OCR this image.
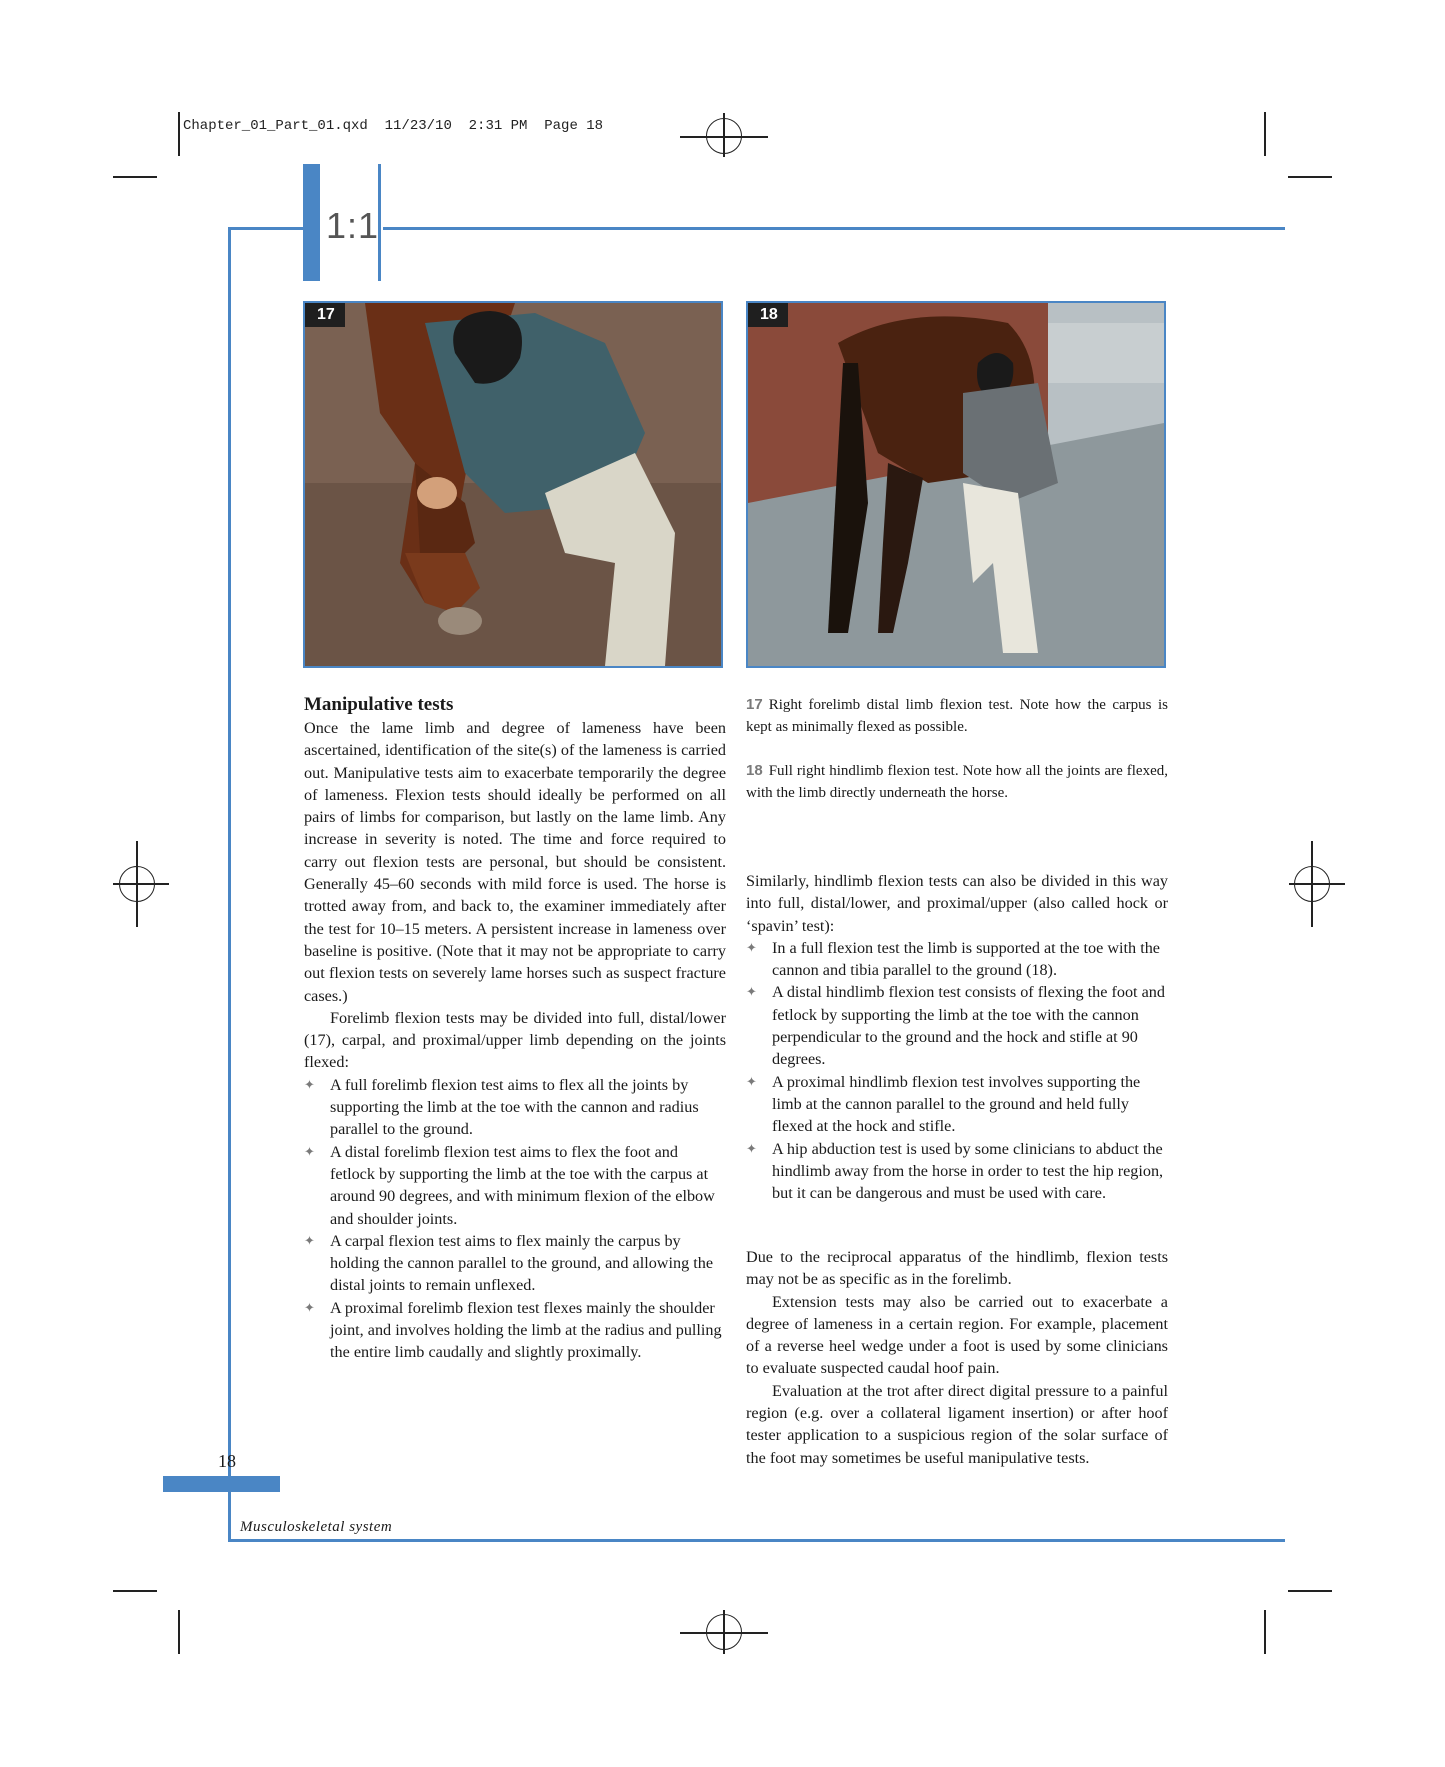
Chapter_01_Part_01.qxd  11/23/10  2:31 PM  Page 18
1:1
17	18
Manipulative tests

Once the lame limb and degree of lameness have been ascertained, identification of the site(s) of the lameness is carried out. Manipulative tests aim to exacerbate temporarily the degree of lameness. Flexion tests should ideally be performed on all pairs of limbs for comparison, but lastly on the lame limb. Any increase in severity is noted. The time and force required to carry out flexion tests are personal, but should be consistent. Generally 45–60 seconds with mild force is used. The horse is trotted away from, and back to, the examiner immediately after the test for 10–15 meters. A persistent increase in lameness over baseline is positive. (Note that it may not be appropriate to carry out flexion tests on severely lame horses such as suspect fracture cases.)

Forelimb flexion tests may be divided into full, distal/lower (17), carpal, and proximal/upper limb depending on the joints flexed:

✦ A full forelimb flexion test aims to flex all the joints by supporting the limb at the toe with the cannon and radius parallel to the ground.
✦ A distal forelimb flexion test aims to flex the foot and fetlock by supporting the limb at the toe with the carpus at around 90 degrees, and with minimum flexion of the elbow and shoulder joints.
✦ A carpal flexion test aims to flex mainly the carpus by holding the cannon parallel to the ground, and allowing the distal joints to remain unflexed.
✦ A proximal forelimb flexion test flexes mainly the shoulder joint, and involves holding the limb at the radius and pulling the entire limb caudally and slightly proximally.

17 Right forelimb distal limb flexion test. Note how the carpus is kept as minimally flexed as possible.

18 Full right hindlimb flexion test. Note how all the joints are flexed, with the limb directly underneath the horse.

Similarly, hindlimb flexion tests can also be divided in this way into full, distal/lower, and proximal/upper (also called hock or ‘spavin’ test):

✦ In a full flexion test the limb is supported at the toe with the cannon and tibia parallel to the ground (18).
✦ A distal hindlimb flexion test consists of flexing the foot and fetlock by supporting the limb at the toe with the cannon perpendicular to the ground and the hock and stifle at 90 degrees.
✦ A proximal hindlimb flexion test involves supporting the limb at the cannon parallel to the ground and held fully flexed at the hock and stifle.
✦ A hip abduction test is used by some clinicians to abduct the hindlimb away from the horse in order to test the hip region, but it can be dangerous and must be used with care.

Due to the reciprocal apparatus of the hindlimb, flexion tests may not be as specific as in the forelimb.

Extension tests may also be carried out to exacerbate a degree of lameness in a certain region. For example, placement of a reverse heel wedge under a foot is used by some clinicians to evaluate suspected caudal hoof pain.

Evaluation at the trot after direct digital pressure to a painful region (e.g. over a collateral ligament insertion) or after hoof tester application to a suspicious region of the solar surface of the foot may sometimes be useful manipulative tests.

18
Musculoskeletal system
